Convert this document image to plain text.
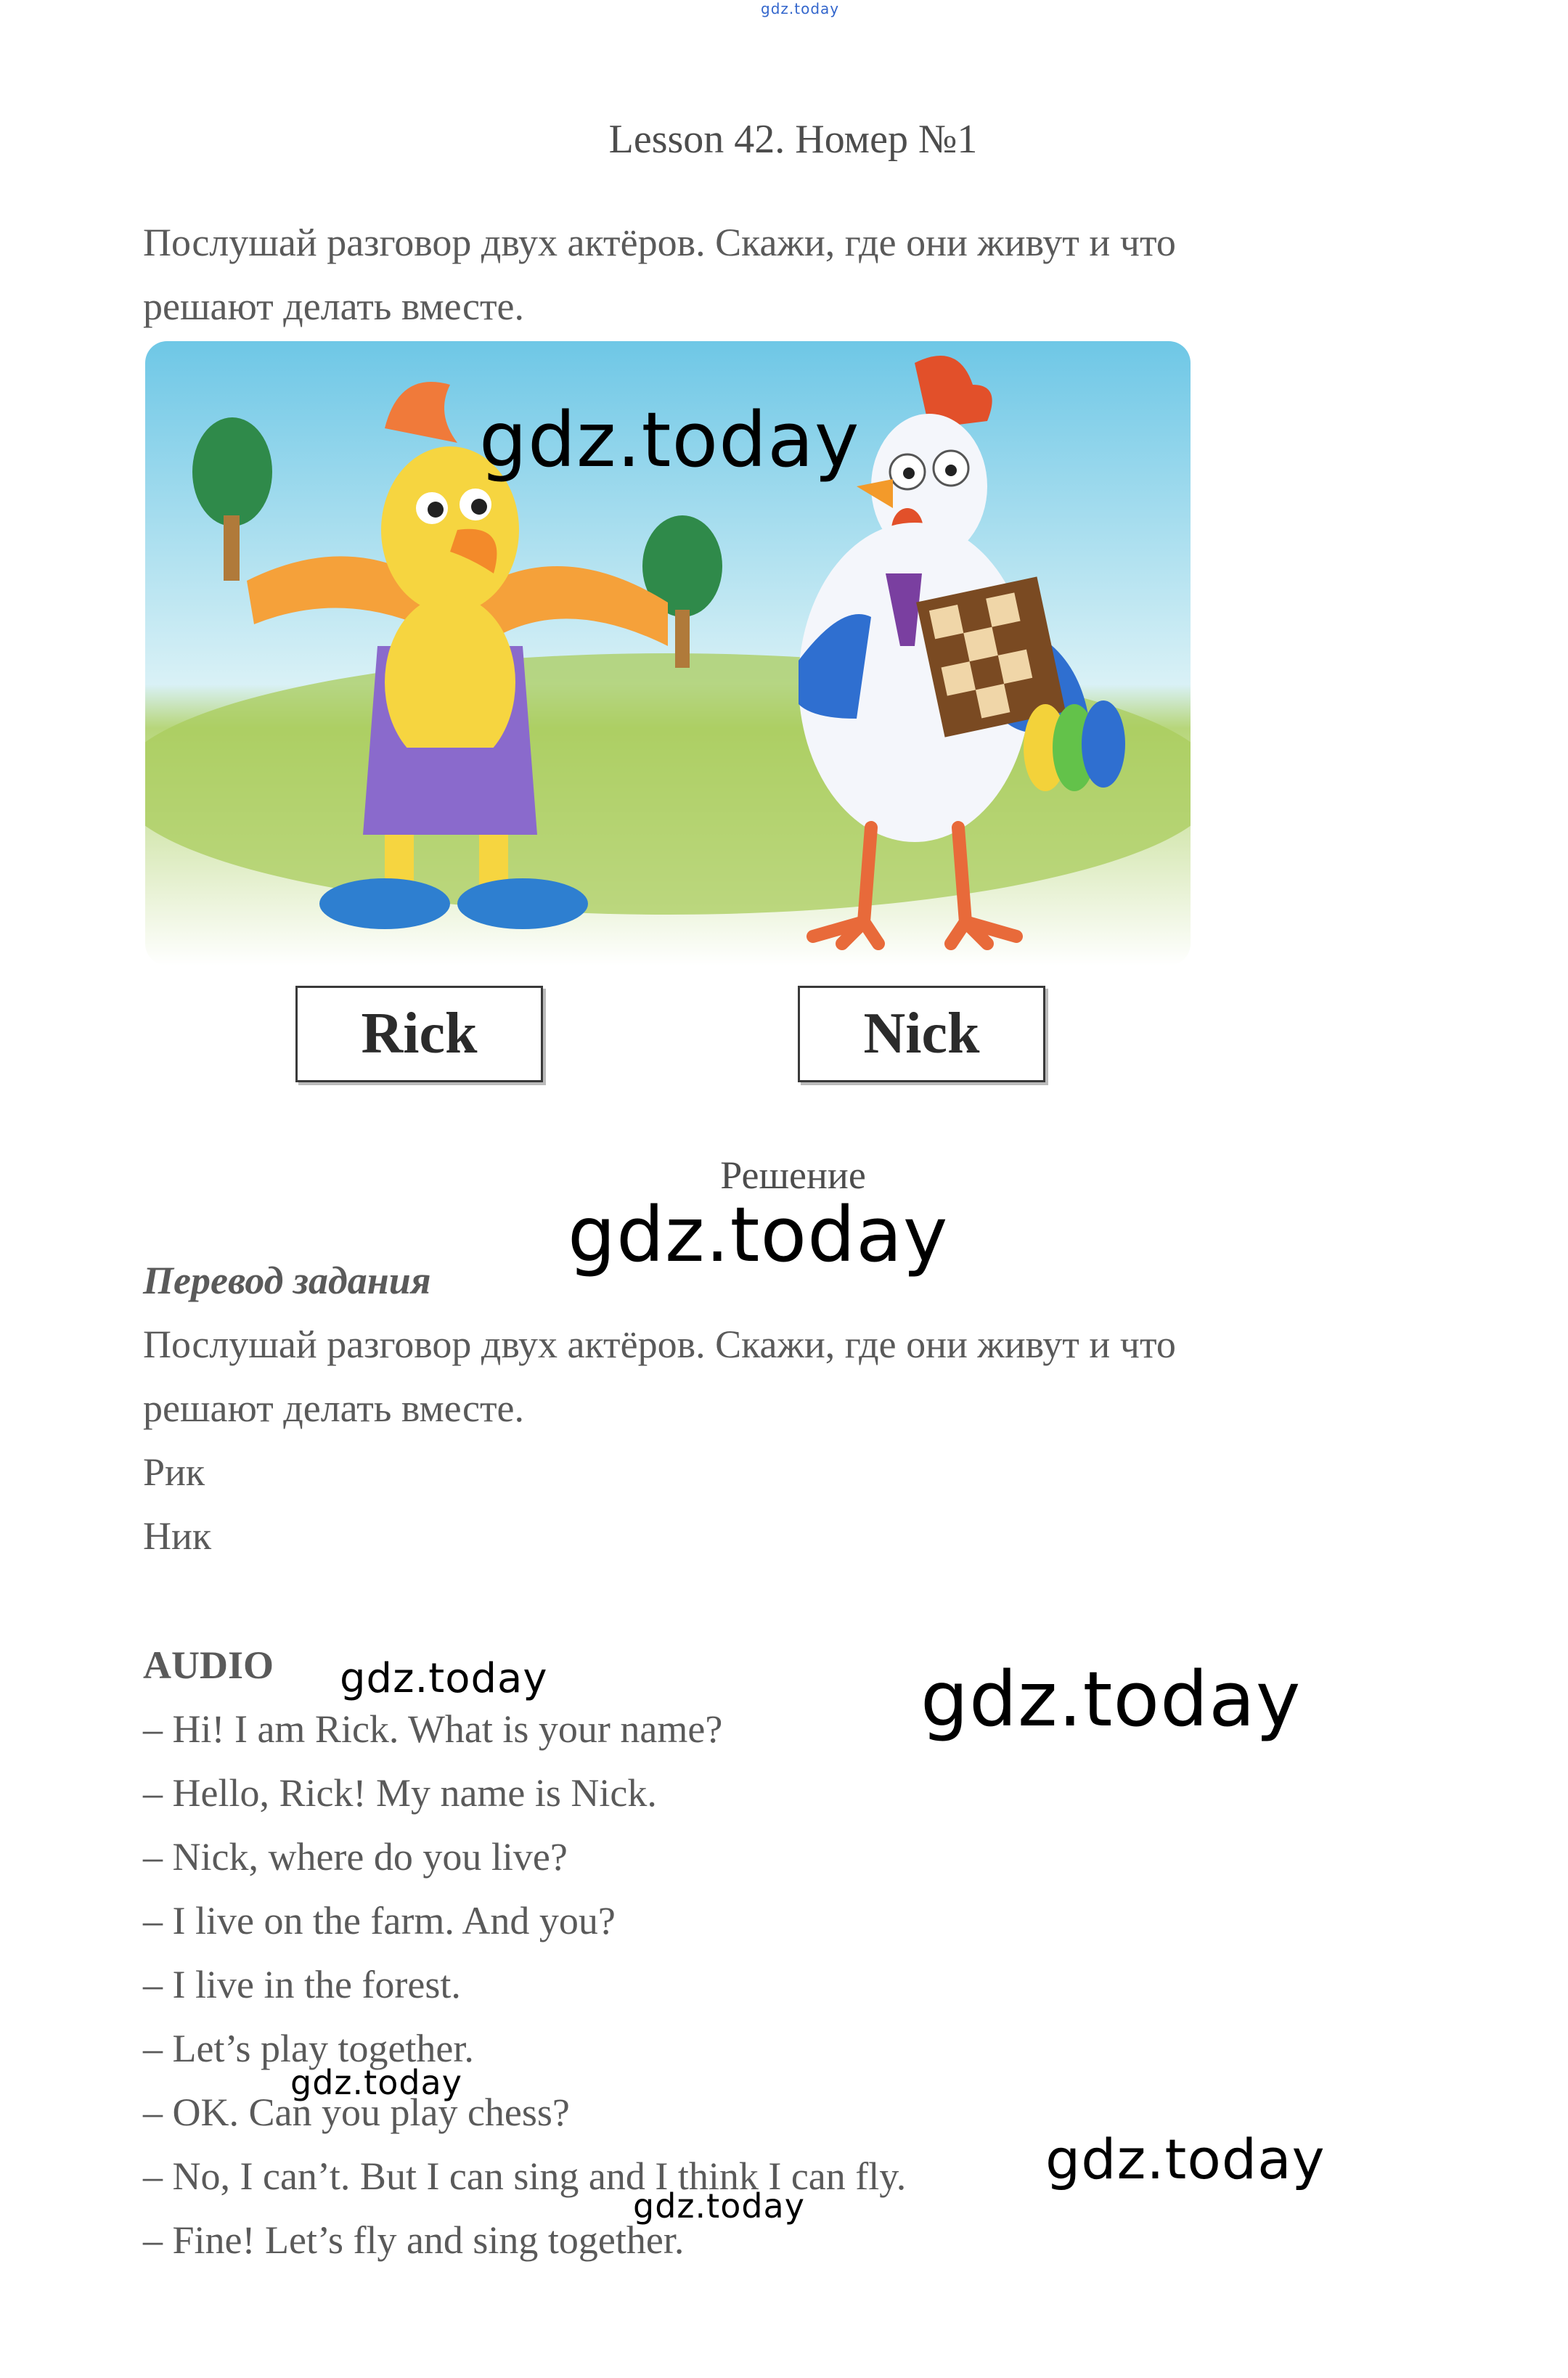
gdz.today
Lesson 42. Номер №1
Послушай разговор двух актёров. Скажи, где они живут и что
решают делать вместе.
gdz.today
Rick	Nick
Решение
gdz.today
Перевод задания
Послушай разговор двух актёров. Скажи, где они живут и что
решают делать вместе.
Рик
Ник
AUDIO gdz.today	gdz.today
– Hi! I am Rick. What is your name?
– Hello, Rick! My name is Nick.
– Nick, where do you live?
– I live on the farm. And you?
– I live in the forest.
– Let’s play together.
– OK. Can you play chess?
– No, I can’t. But I can sing and I think I can fly.
– Fine! Let’s fly and sing together.
gdz.today
gdz.today
gdz.today
